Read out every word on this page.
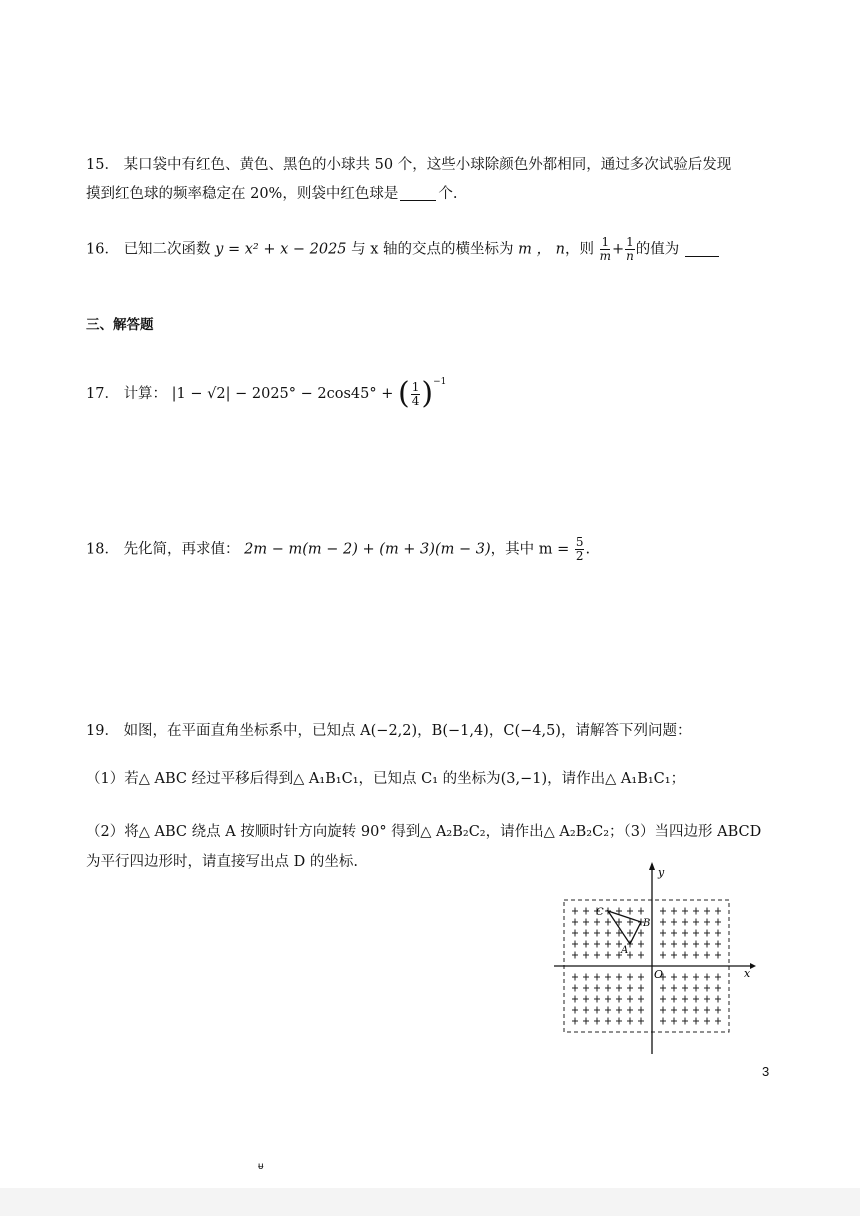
15． 某口袋中有红色、黄色、黑色的小球共 50 个，这些小球除颜色外都相同，通过多次试验后发现
摸到红色球的频率稳定在 20%，则袋中红色球是	个.
16． 已知二次函数 y = x² + x − 2025 与 x 轴的交点的横坐标为 m ， n，则 $\frac{1}{m} + \frac{1}{n}$ 的值为
三、解答题
17． 计算： |1 − √2| − 2025° − 2cos45° + ( $\frac{1}{4} )^{-1}$
18． 先化简，再求值： 2m − m(m − 2) + (m + 3)(m − 3)，其中 $m = \frac{5}{2}$ .
19． 如图，在平面直角坐标系中，已知点 A(−2,2)，B(−1,4)，C(−4,5)，请解答下列问题：
（1）若△ ABC 经过平移后得到△ A₁B₁C₁，已知点 C₁ 的坐标为(3,−1)，请作出△ A₁B₁C₁；
（2）将△ ABC 绕点 A 按顺时针方向旋转 90° 得到△ A₂B₂C₂，请作出△ A₂B₂C₂；（3）当四边形 ABCD
为平行四边形时，请直接写出点 D 的坐标.
x
y
O
A
B
C
3
ᵾ
